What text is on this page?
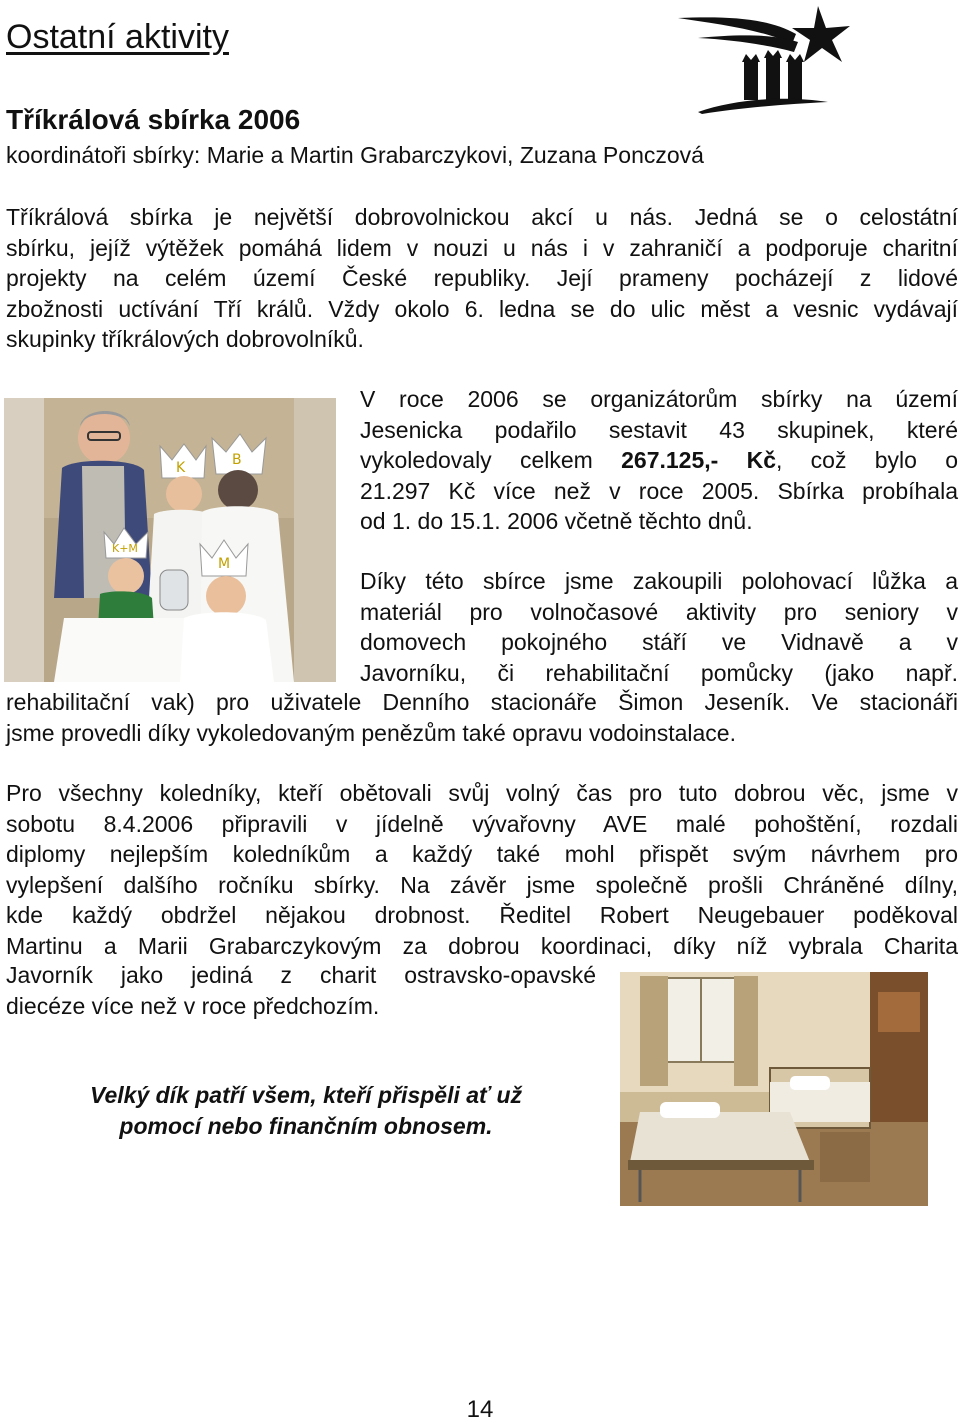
Ostatní aktivity
Tříkrálová sbírka 2006
koordinátoři sbírky: Marie a Martin Grabarczykovi, Zuzana Ponczová
Tříkrálová sbírka je největší dobrovolnickou akcí u nás. Jedná se o celostátní
sbírku, jejíž výtěžek pomáhá lidem v nouzi u nás i v zahraničí a podporuje charitní
projekty na celém území České republiky. Její prameny pocházejí z lidové
zbožnosti uctívání Tří králů. Vždy okolo 6. ledna se do ulic měst a vesnic vydávají
skupinky tříkrálových dobrovolníků.
K	B
K+M
M
V roce 2006 se organizátorům sbírky na území
Jesenicka podařilo sestavit 43 skupinek, které
vykoledovaly celkem 267.125,- Kč, což bylo o
21.297 Kč více než v roce 2005. Sbírka probíhala
od 1. do 15.1. 2006 včetně těchto dnů.
Díky této sbírce jsme zakoupili polohovací lůžka a
materiál pro volnočasové aktivity pro seniory v
domovech pokojného stáří ve Vidnavě a v
Javorníku, či rehabilitační pomůcky (jako např.
rehabilitační vak) pro uživatele Denního stacionáře Šimon Jeseník. Ve stacionáři
jsme provedli díky vykoledovaným penězům také opravu vodoinstalace.
Pro všechny koledníky, kteří obětovali svůj volný čas pro tuto dobrou věc, jsme v
sobotu 8.4.2006 připravili v jídelně vývařovny AVE malé pohoštění, rozdali
diplomy nejlepším koledníkům a každý také mohl přispět svým návrhem pro
vylepšení dalšího ročníku sbírky. Na závěr jsme společně prošli Chráněné dílny,
kde každý obdržel nějakou drobnost. Ředitel Robert Neugebauer poděkoval
Martinu a Marii Grabarczykovým za dobrou koordinaci, díky níž vybrala Charita
Javorník jako jediná z charit ostravsko-opavské
diecéze více než v roce předchozím.
Velký dík patří všem, kteří přispěli ať už
pomocí nebo finančním obnosem.
14
